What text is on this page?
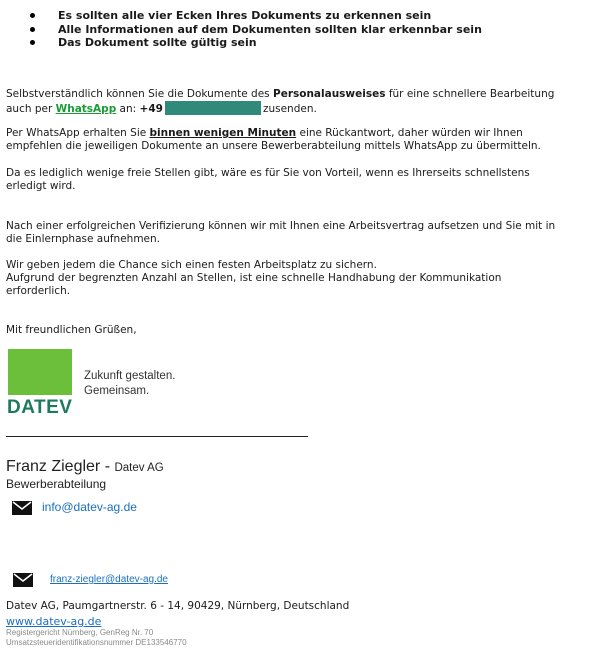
Es sollten alle vier Ecken Ihres Dokuments zu erkennen sein
Alle Informationen auf dem Dokumenten sollten klar erkennbar sein
Das Dokument sollte gültig sein
Selbstverständlich können Sie die Dokumente des Personalausweises für eine schnellere Bearbeitung
auch per WhatsApp an: +49	zusenden.
Per WhatsApp erhalten Sie binnen wenigen Minuten eine Rückantwort, daher würden wir Ihnen
empfehlen die jeweiligen Dokumente an unsere Bewerberabteilung mittels WhatsApp zu übermitteln.
Da es lediglich wenige freie Stellen gibt, wäre es für Sie von Vorteil, wenn es Ihrerseits schnellstens
erledigt wird.
Nach einer erfolgreichen Verifizierung können wir mit Ihnen eine Arbeitsvertrag aufsetzen und Sie mit in
die Einlernphase aufnehmen.
Wir geben jedem die Chance sich einen festen Arbeitsplatz zu sichern.
Aufgrund der begrenzten Anzahl an Stellen, ist eine schnelle Handhabung der Kommunikation
erforderlich.
Mit freundlichen Grüßen,
Zukunft gestalten.
Gemeinsam.
DATEV
Franz Ziegler - Datev AG
Bewerberabteilung
info@datev-ag.de
franz-ziegler@datev-ag.de
Datev AG, Paumgartnerstr. 6 - 14, 90429, Nürnberg, Deutschland
www.datev-ag.de
Registergericht Nürnberg, GenReg Nr. 70
Umsatzsteueridentifikationsnummer DE133546770
